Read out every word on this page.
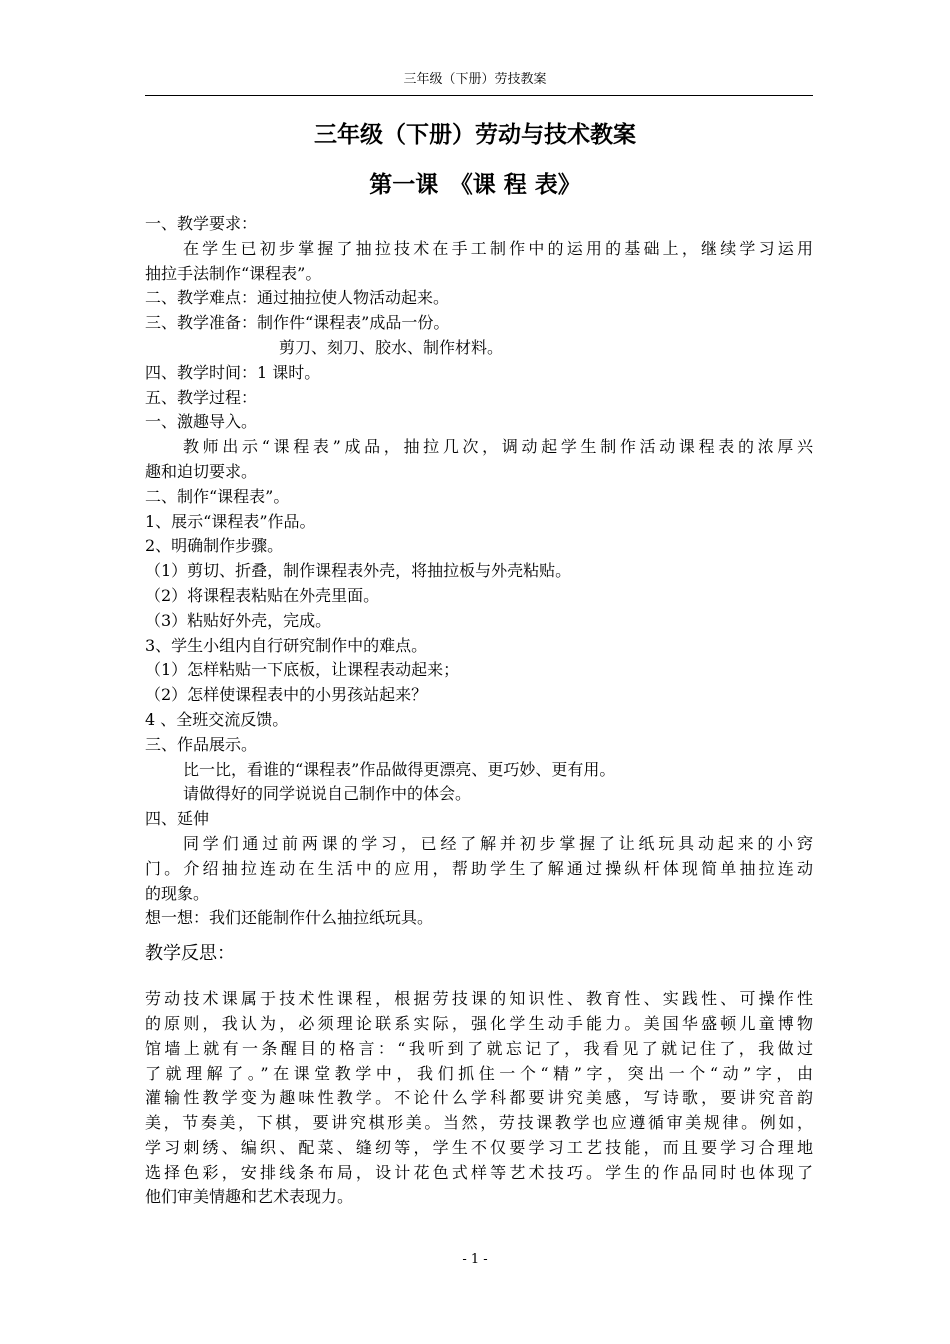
三年级（下册）劳技教案
三年级（下册）劳动与技术教案
第一课　《课 程 表》
一、教学要求：
在学生已初步掌握了抽拉技术在手工制作中的运用的基础上，继续学习运用
抽拉手法制作“课程表”。
二、教学难点：通过抽拉使人物活动起来。
三、教学准备：制作件“课程表”成品一份。
剪刀、刻刀、胶水、制作材料。
四、教学时间：1 课时。
五、教学过程：
一、激趣导入。
教师出示“课程表”成品，抽拉几次，调动起学生制作活动课程表的浓厚兴
趣和迫切要求。
二、制作“课程表”。
1、展示“课程表”作品。
2、明确制作步骤。
（1）剪切、折叠，制作课程表外壳，将抽拉板与外壳粘贴。
（2）将课程表粘贴在外壳里面。
（3）粘贴好外壳，完成。
3、学生小组内自行研究制作中的难点。
（1）怎样粘贴一下底板，让课程表动起来；
（2）怎样使课程表中的小男孩站起来？
4 、全班交流反馈。
三、作品展示。
比一比，看谁的“课程表”作品做得更漂亮、更巧妙、更有用。
请做得好的同学说说自己制作中的体会。
四、延伸
同学们通过前两课的学习，已经了解并初步掌握了让纸玩具动起来的小窍
门。介绍抽拉连动在生活中的应用，帮助学生了解通过操纵杆体现简单抽拉连动
的现象。
想一想：我们还能制作什么抽拉纸玩具。
教学反思：
劳动技术课属于技术性课程，根据劳技课的知识性、教育性、实践性、可操作性
的原则，我认为，必须理论联系实际，强化学生动手能力。美国华盛顿儿童博物
馆墙上就有一条醒目的格言：“我听到了就忘记了，我看见了就记住了，我做过
了就理解了。”在课堂教学中，我们抓住一个“精”字，突出一个“动”字，由
灌输性教学变为趣味性教学。不论什么学科都要讲究美感，写诗歌，要讲究音韵
美，节奏美，下棋，要讲究棋形美。当然，劳技课教学也应遵循审美规律。例如，
学习刺绣、编织、配菜、缝纫等，学生不仅要学习工艺技能，而且要学习合理地
选择色彩，安排线条布局，设计花色式样等艺术技巧。学生的作品同时也体现了
他们审美情趣和艺术表现力。
- 1 -
